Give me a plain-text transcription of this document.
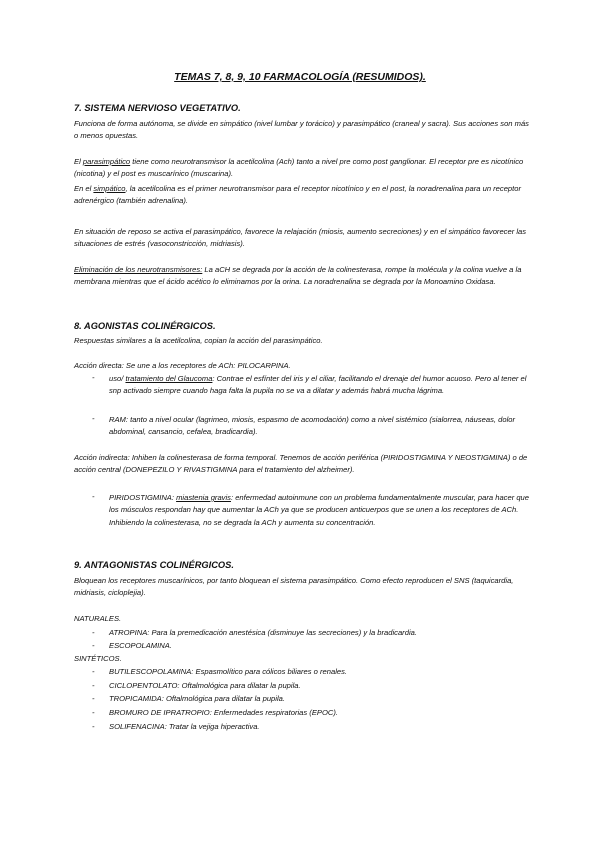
TEMAS 7, 8, 9, 10 FARMACOLOGÍA (RESUMIDOS).
7. SISTEMA NERVIOSO VEGETATIVO.
Funciona de forma autónoma, se divide en simpático (nivel lumbar y torácico) y parasimpático (craneal y sacra). Sus acciones son más o menos opuestas.
El parasimpático tiene como neurotransmisor la acetilcolina (Ach) tanto a nivel pre como post ganglionar. El receptor pre es nicotínico (nicotina) y el post es muscarínico (muscarina).
En el simpático, la acetilcolina es el primer neurotransmisor para el receptor nicotínico y en el post, la noradrenalina para un receptor adrenérgico (también adrenalina).
En situación de reposo se activa el parasimpático, favorece la relajación (miosis, aumento secreciones) y en el simpático favorecer las situaciones de estrés (vasoconstricción, midriasis).
Eliminación de los neurotransmisores: La aCH se degrada por la acción de la colinesterasa, rompe la molécula y la colina vuelve a la membrana mientras que el ácido acético lo eliminamos por la orina. La noradrenalina se degrada por la Monoamino Oxidasa.
8. AGONISTAS COLINÉRGICOS.
Respuestas similares a la acetilcolina, copian la acción del parasimpático.
Acción directa: Se une a los receptores de ACh: PILOCARPINA.
- uso/ tratamiento del Glaucoma: Contrae el esfínter del iris y el ciliar, facilitando el drenaje del humor acuoso. Pero al tener el snp activado siempre cuando haga falta la pupila no se va a dilatar y además habrá mucha lágrima.
- RAM: tanto a nivel ocular (lagrimeo, miosis, espasmo de acomodación) como a nivel sistémico (sialorrea, náuseas, dolor abdominal, cansancio, cefalea, bradicardia).
Acción indirecta: Inhiben la colinesterasa de forma temporal. Tenemos de acción periférica (PIRIDOSTIGMINA Y NEOSTIGMINA) o de acción central (DONEPEZILO Y RIVASTIGMINA para el tratamiento del alzheimer).
- PIRIDOSTIGMINA: miastenia gravis: enfermedad autoinmune con un problema fundamentalmente muscular, para hacer que los músculos respondan hay que aumentar la ACh ya que se producen anticuerpos que se unen a los receptores de ACh. Inhibiendo la colinesterasa, no se degrada la ACh y aumenta su concentración.
9. ANTAGONISTAS COLINÉRGICOS.
Bloquean los receptores muscarínicos, por tanto bloquean el sistema parasimpático. Como efecto reproducen el SNS (taquicardia, midriasis, cicloplejia).
NATURALES.
- ATROPINA: Para la premedicación anestésica (disminuye las secreciones) y la bradicardia.
- ESCOPOLAMINA.
SINTÉTICOS.
- BUTILESCOPOLAMINA: Espasmolítico para cólicos biliares o renales.
- CICLOPENTOLATO: Oftalmológica para dilatar la pupila.
- TROPICAMIDA: Oftalmológica para dilatar la pupila.
- BROMURO DE IPRATROPIO: Enfermedades respiratorias (EPOC).
- SOLIFENACINA: Tratar la vejiga hiperactiva.
